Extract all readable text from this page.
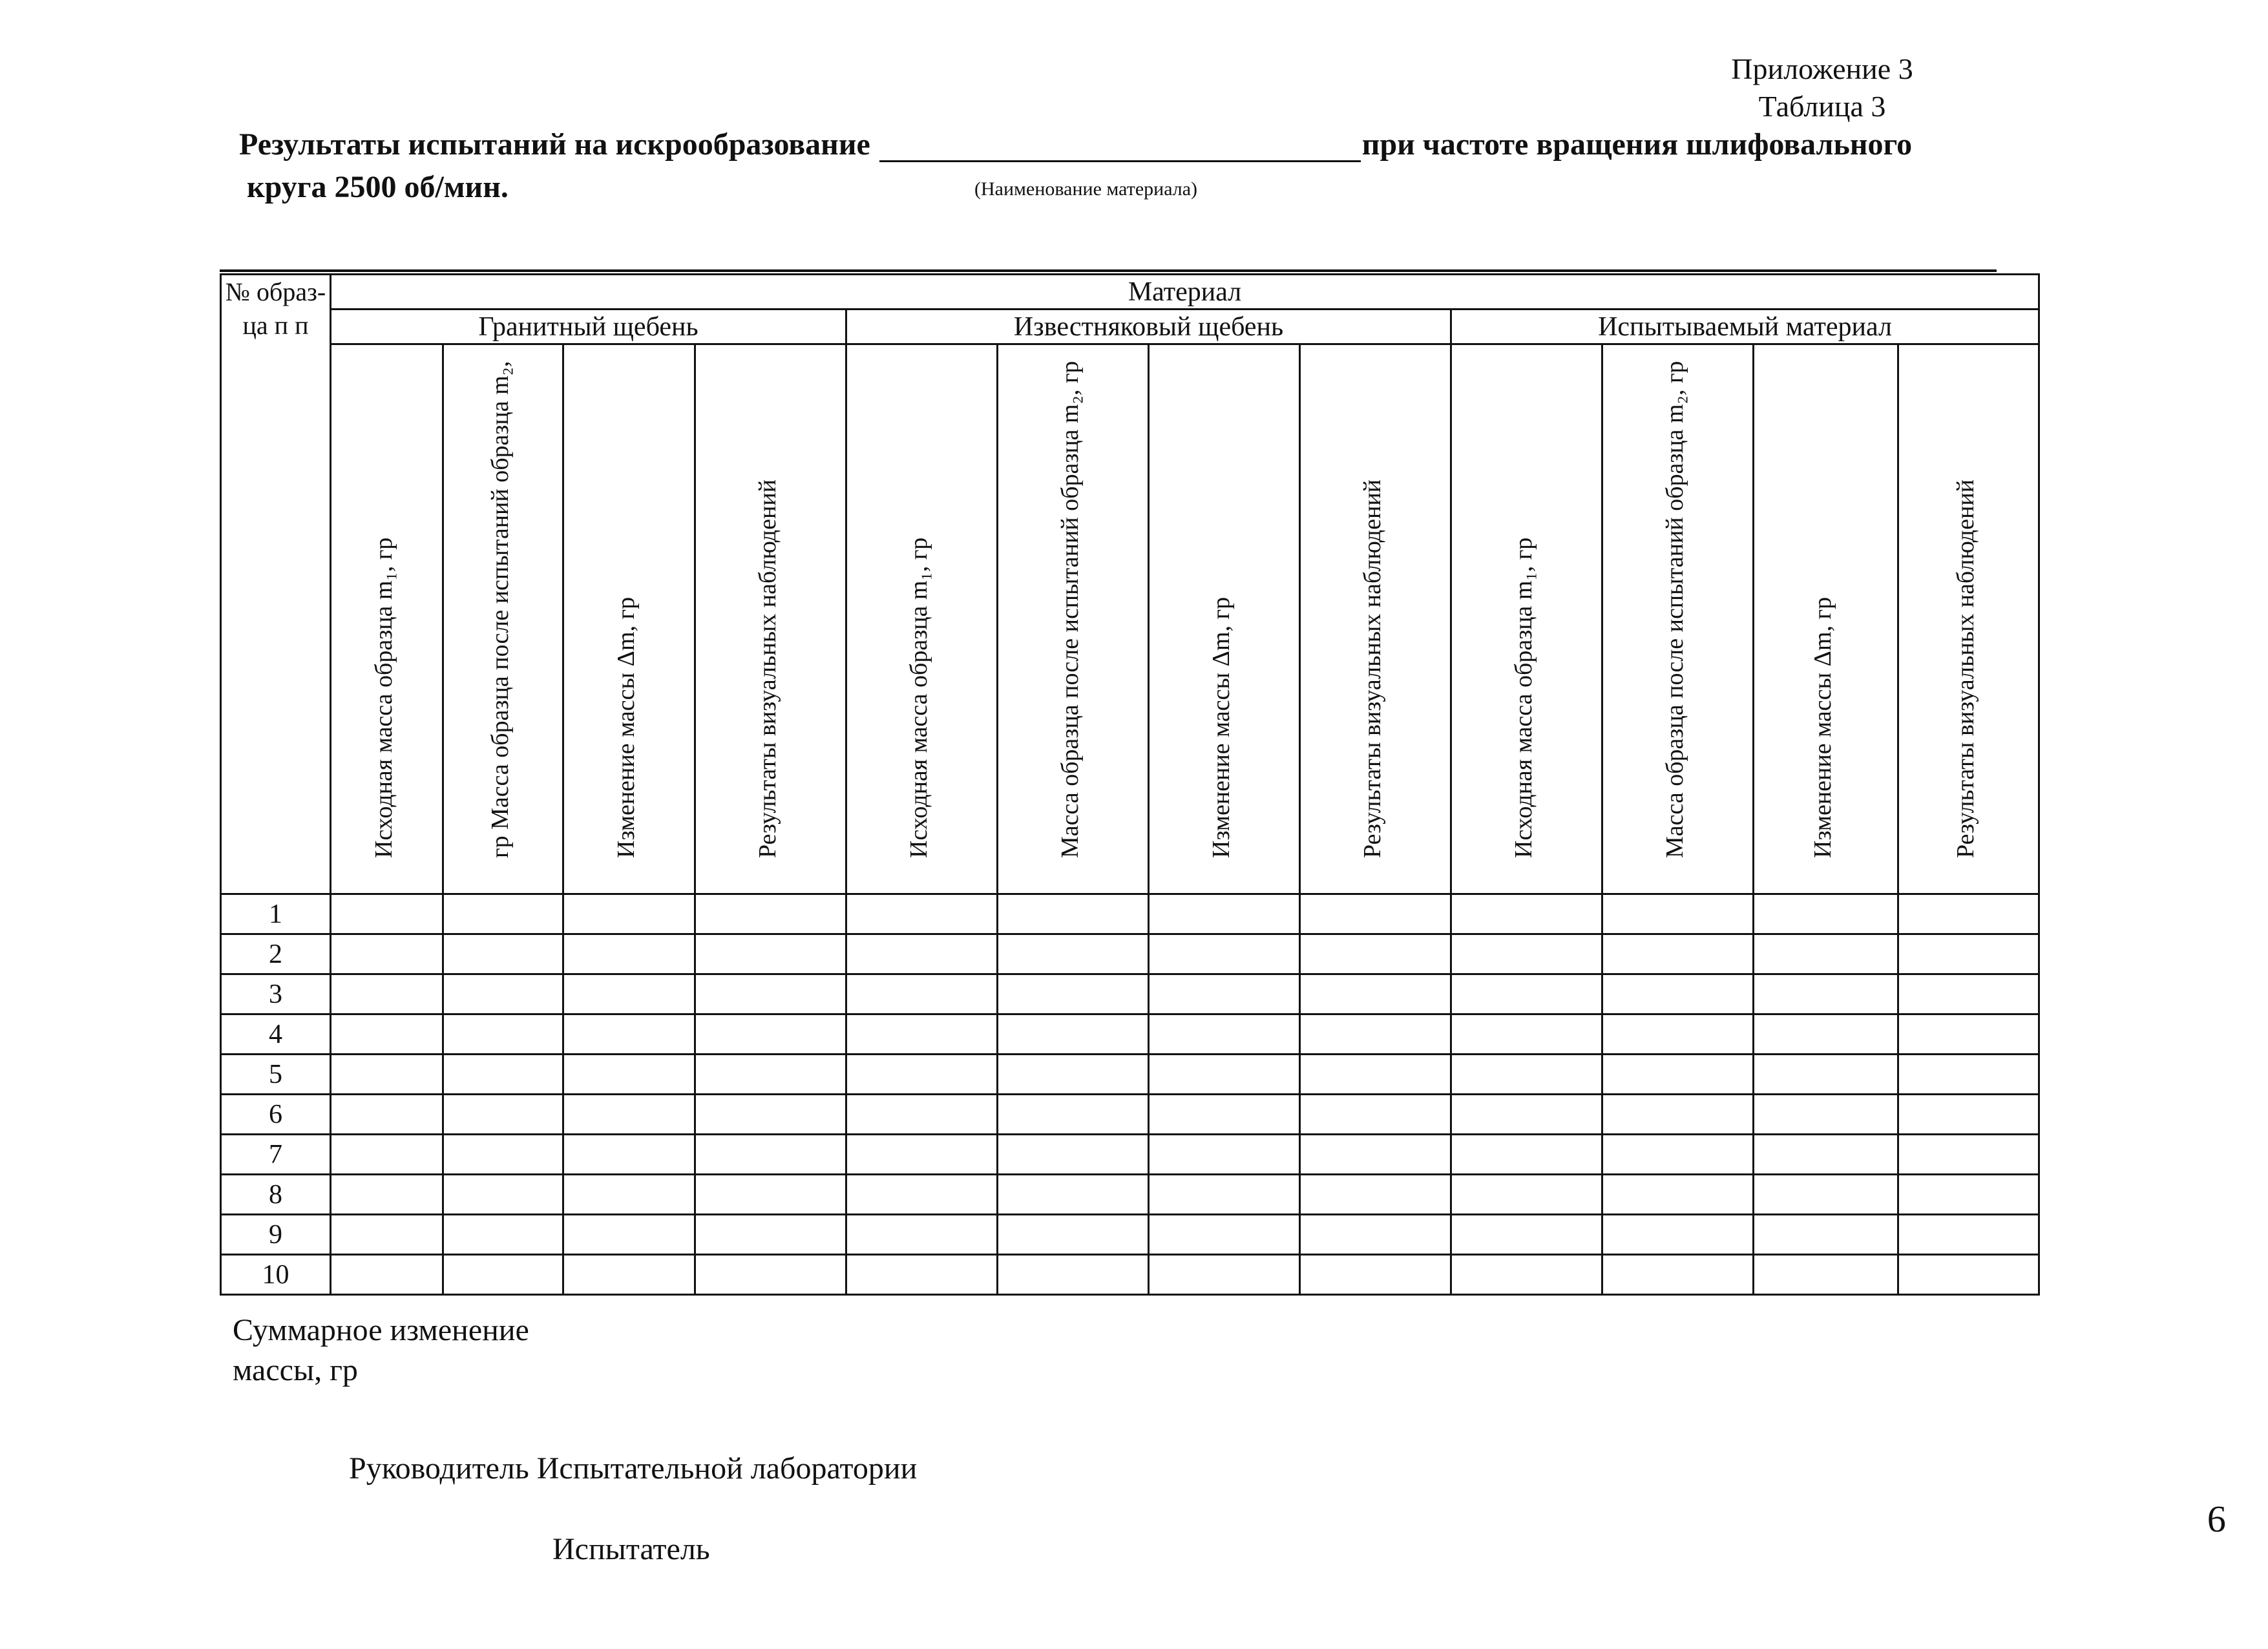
Приложение 3
Таблица 3
Результаты испытаний на искрообразование	при частоте вращения шлифовального
круга 2500 об/мин.	(Наименование материала)
№ образ-ца п п	Материал											
	Гранитный щебень				Известняковый щебень				Испытываемый материал			

	Исходная масса образца m₁, гр	гр Масса образца после испытаний образца m₂,	Изменение массы Δm, гр	Результаты визуальных наблюдений	Исходная масса образца m₁, гр	Масса образца после испытаний образца m₂, гр	Изменение массы Δm, гр	Результаты визуальных наблюдений	Исходная масса образца m₁, гр	Масса образца после испытаний образца m₂, гр	Изменение массы Δm, гр	Результаты визуальных наблюдений

1												
2												
3												
4												
5												
6												
7												
8												
9												
10												
Суммарное изменение массы, гр
Руководитель Испытательной лаборатории
Испытатель
9
